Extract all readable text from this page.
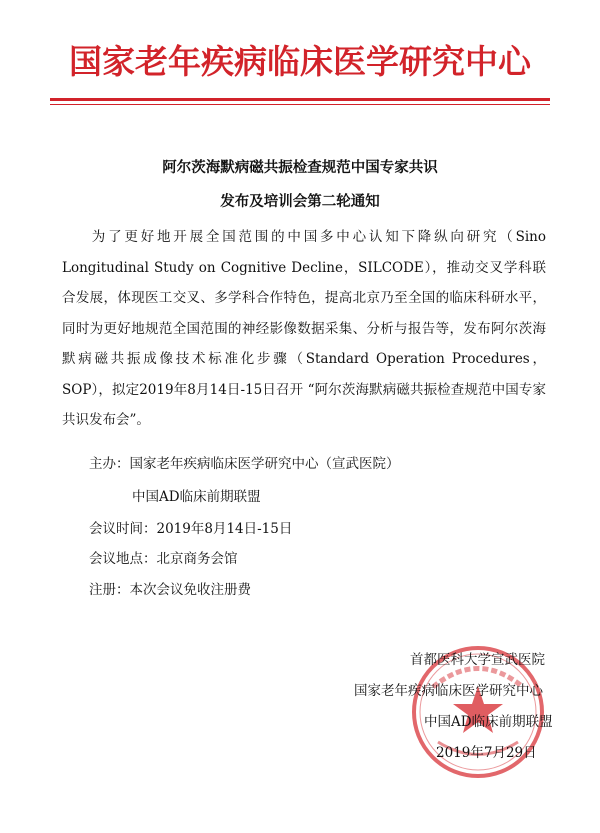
国家老年疾病临床医学研究中心
阿尔茨海默病磁共振检查规范中国专家共识
发布及培训会第二轮通知
为了更好地开展全国范围的中国多中心认知下降纵向研究（Sino Longitudinal Study on Cognitive Decline，SILCODE），推动交叉学科联合发展，体现医工交叉、多学科合作特色，提高北京乃至全国的临床科研水平，同时为更好地规范全国范围的神经影像数据采集、分析与报告等，发布阿尔茨海默病磁共振成像技术标准化步骤（Standard Operation Procedures，SOP），拟定2019年8月14日-15日召开 “阿尔茨海默病磁共振检查规范中国专家共识发布会”。
主办：国家老年疾病临床医学研究中心（宣武医院）
中国AD临床前期联盟
会议时间：2019年8月14日-15日
会议地点：北京商务会馆
注册：本次会议免收注册费
首都医科大学宣武医院
国家老年疾病临床医学研究中心
中国AD临床前期联盟
2019年7月29日
